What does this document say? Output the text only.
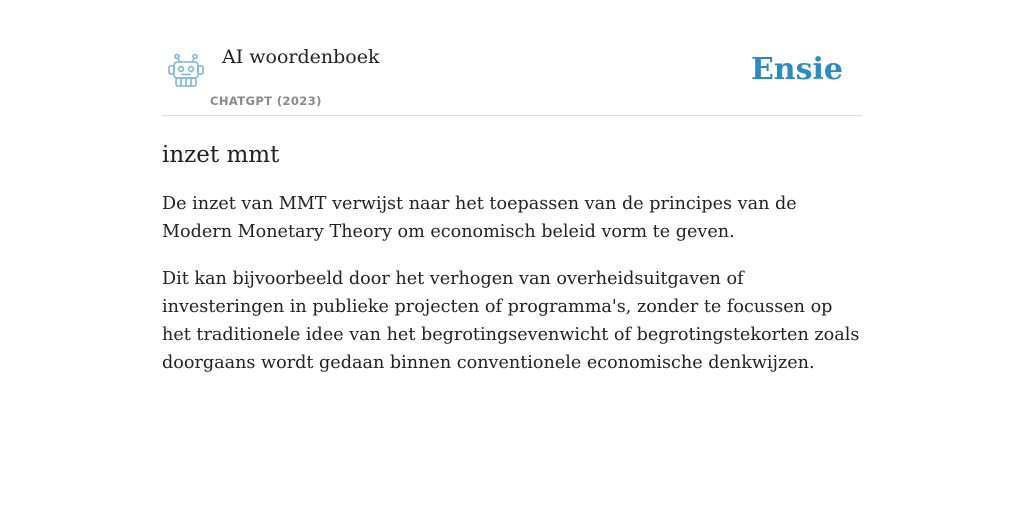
AI woordenboek
CHATGPT (2023)
Ensie
inzet mmt

De inzet van MMT verwijst naar het toepassen van de principes van de Modern Monetary Theory om economisch beleid vorm te geven.

Dit kan bijvoorbeeld door het verhogen van overheidsuitgaven of investeringen in publieke projecten of programma's, zonder te focussen op het traditionele idee van het begrotingsevenwicht of begrotingstekorten zoals doorgaans wordt gedaan binnen conventionele economische denkwijzen.
